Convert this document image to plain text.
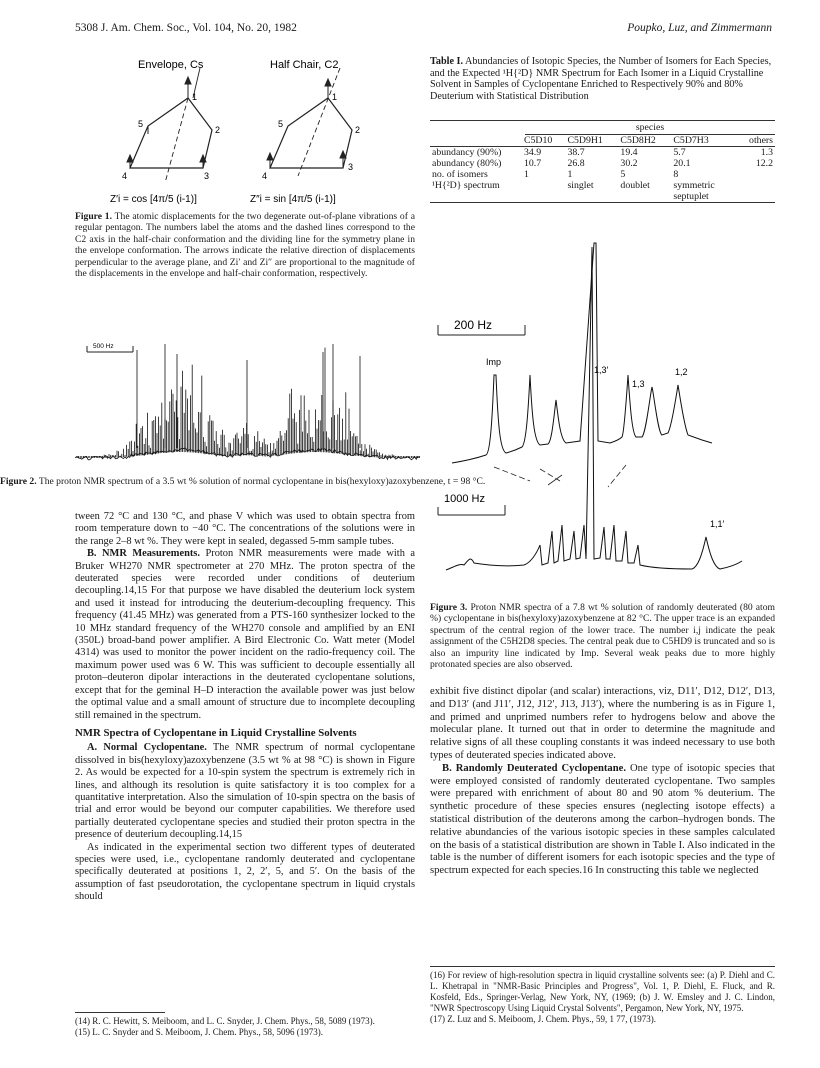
5308 J. Am. Chem. Soc., Vol. 104, No. 20, 1982	Poupko, Luz, and Zimmermann
Envelope, Cs	Half Chair, C2
1
2
3
4
5
1
2
3
4
5
Z′i = cos [4π/5 (i-1)]	Z″i = sin [4π/5 (i-1)]
Figure 1. The atomic displacements for the two degenerate out-of-plane vibrations of a regular pentagon. The numbers label the atoms and the dashed lines correspond to the C2 axis in the half-chair conformation and the dividing line for the symmetry plane in the envelope conformation. The arrows indicate the relative direction of displacements perpendicular to the average plane, and Zi′ and Zi″ are proportional to the magnitude of the displacements in the envelope and half-chair conformation, respectively.
500 Hz
Figure 2. The proton NMR spectrum of a 3.5 wt % solution of normal cyclopentane in bis(hexyloxy)azoxybenzene, t = 98 °C.

tween 72 °C and 130 °C, and phase V which was used to obtain spectra from room temperature down to −40 °C. The concentrations of the solutions were in the range 2–8 wt %. They were kept in sealed, degassed 5-mm sample tubes.

B. NMR Measurements. Proton NMR measurements were made with a Bruker WH270 NMR spectrometer at 270 MHz. The proton spectra of the deuterated species were recorded under conditions of deuterium decoupling.14,15 For that purpose we have disabled the deuterium lock system and used it instead for introducing the deuterium-decoupling frequency. This frequency (41.45 MHz) was generated from a PTS-160 synthesizer locked to the 10 MHz standard frequency of the WH270 console and amplified by an ENI (350L) broad-band power amplifier. A Bird Electronic Co. Watt meter (Model 4314) was used to monitor the power incident on the radio-frequency coil. The maximum power used was 6 W. This was sufficient to decouple essentially all proton–deuteron dipolar interactions in the deuterated cyclopentane solutions, except that for the geminal H–D interaction the available power was just below the optimal value and a small amount of structure due to incomplete decoupling still remained in the spectrum.

NMR Spectra of Cyclopentane in Liquid Crystalline Solvents

A. Normal Cyclopentane. The NMR spectrum of normal cyclopentane dissolved in bis(hexyloxy)azoxybenzene (3.5 wt % at 98 °C) is shown in Figure 2. As would be expected for a 10-spin system the spectrum is extremely rich in lines, and although its resolution is quite satisfactory it is too complex for a quantitative interpretation. Also the simulation of 10-spin spectra on the basis of trial and error would be beyond our computer capabilities. We therefore used partially deuterated cyclopentane species and studied their proton spectra in the presence of deuterium decoupling.14,15

As indicated in the experimental section two different types of deuterated species were used, i.e., cyclopentane randomly deuterated and cyclopentane specifically deuterated at positions 1, 2, 2′, 5, and 5′. On the basis of the assumption of fast pseudorotation, the cyclopentane spectrum in liquid crystals should

(14) R. C. Hewitt, S. Meiboom, and L. C. Snyder, J. Chem. Phys., 58, 5089 (1973).

(15) L. C. Snyder and S. Meiboom, J. Chem. Phys., 58, 5096 (1973).

Table I. Abundancies of Isotopic Species, the Number of Isomers for Each Species, and the Expected ¹H{²D} NMR Spectrum for Each Isomer in a Liquid Crystalline Solvent in Samples of Cyclopentane Enriched to Respectively 90% and 80% Deuterium with Statistical Distribution
species
	C5D10	C5D9H1	C5D8H2	C5D7H3	others
abundancy (90%)	34.9	38.7	19.4	5.7	1.3
abundancy (80%)	10.7	26.8	30.2	20.1	12.2
no. of isomers	1	1	5	8	
¹H{²D} spectrum		singlet	doublet	symmetric septuplet	
200 Hz
1000 Hz
Imp
1,3′
1,3
1,2
1,1′
Figure 3. Proton NMR spectra of a 7.8 wt % solution of randomly deuterated (80 atom %) cyclopentane in bis(hexyloxy)azoxybenzene at 82 °C. The upper trace is an expanded spectrum of the central region of the lower trace. The number i,j indicate the peak assignment of the C5H2D8 species. The central peak due to C5HD9 is truncated and so is also an impurity line indicated by Imp. Several weak peaks due to more highly protonated species are also observed.

exhibit five distinct dipolar (and scalar) interactions, viz, D11′, D12, D12′, D13, and D13′ (and J11′, J12, J12′, J13, J13′), where the numbering is as in Figure 1, and primed and unprimed numbers refer to hydrogens below and above the molecular plane. It turned out that in order to determine the magnitude and relative signs of all these coupling constants it was indeed necessary to use both types of deuterated species indicated above.

B. Randomly Deuterated Cyclopentane. One type of isotopic species that were employed consisted of randomly deuterated cyclopentane. Two samples were prepared with enrichment of about 80 and 90 atom % deuterium. The synthetic procedure of these species ensures (neglecting isotope effects) a statistical distribution of the deuterons among the carbon–hydrogen bonds. The relative abundancies of the various isotopic species in these samples calculated on the basis of a statistical distribution are shown in Table I. Also indicated in the table is the number of different isomers for each isotopic species and the type of spectrum expected for each species.16 In constructing this table we neglected

(16) For review of high-resolution spectra in liquid crystalline solvents see: (a) P. Diehl and C. L. Khetrapal in "NMR-Basic Principles and Progress", Vol. 1, P. Diehl, E. Fluck, and R. Kosfeld, Eds., Springer-Verlag, New York, NY, (1969; (b) J. W. Emsley and J. C. Lindon, "NWR Spectroscopy Using Liquid Crystal Solvents", Pergamon, New York, NY, 1975.

(17) Z. Luz and S. Meiboom, J. Chem. Phys., 59, 1 77, (1973).
